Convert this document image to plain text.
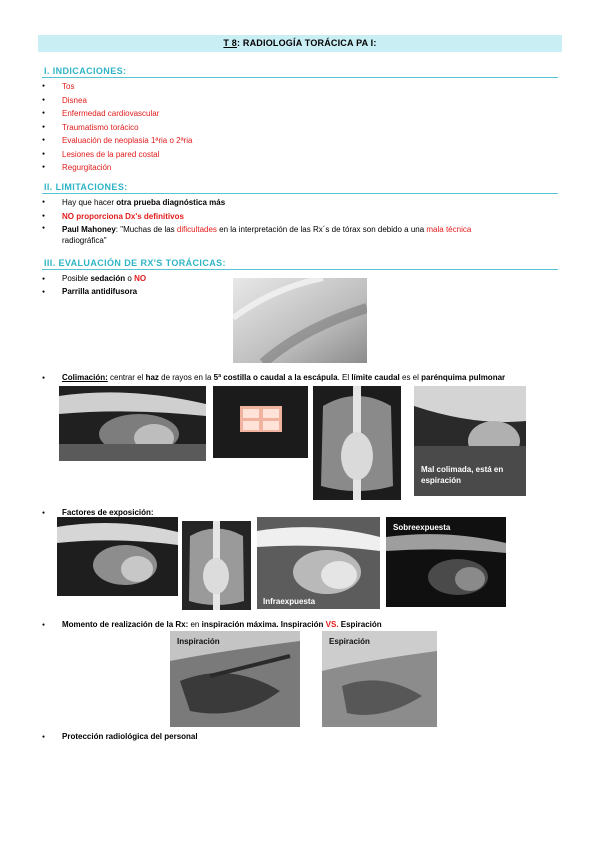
T 8: RADIOLOGÍA TORÁCICA PA I:
I. INDICACIONES:
● Tos
● Disnea
● Enfermedad cardiovascular
● Traumatismo torácico
● Evaluación de neoplasia 1ªria o 2ªria
● Lesiones de la pared costal
● Regurgitación
II. LIMITACIONES:
● Hay que hacer otra prueba diagnóstica más
● NO proporciona Dx's definitivos
● Paul Mahoney: "Muchas de las dificultades en la interpretación de las Rx´s de tórax son debido a una mala técnica
radiográfica"
III. EVALUACIÓN DE RX'S TORÁCICAS:
● Posible sedación o NO
● Parrilla antidifusora
● Colimación: centrar el haz de rayos en la 5ª costilla o caudal a la escápula. El límite caudal es el parénquima pulmonar
Mal colimada, está en espiración
● Factores de exposición:
Infraexpuesta
Sobreexpuesta
● Momento de realización de la Rx: en inspiración máxima. Inspiración VS. Espiración
Inspiración	Espiración
● Protección radiológica del personal
